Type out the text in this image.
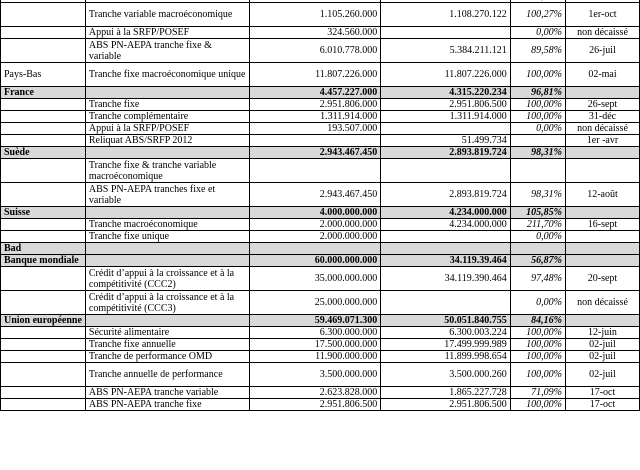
	Tranche variable macroéconomique	1.105.260.000	1.108.270.122	100,27%	1er-oct
	Appui à la SRFP/POSEF	324.560.000		0,00%	non décaissé
	ABS PN-AEPA tranche fixe & variable	6.010.778.000	5.384.211.121	89,58%	26-juil
Pays-Bas	Tranche fixe macroéconomique unique	11.807.226.000	11.807.226.000	100,00%	02-mai
France		4.457.227.000	4.315.220.234	96,81%	
	Tranche fixe	2.951.806.000	2.951.806.500	100,00%	26-sept
	Tranche complémentaire	1.311.914.000	1.311.914.000	100,00%	31-déc
	Appui à la SRFP/POSEF	193.507.000		0,00%	non décaissé
	Reliquat ABS/SRFP 2012		51.499.734		1er -avr
Suède		2.943.467.450	2.893.819.724	98,31%	
	Tranche fixe & tranche variable macroéconomique				
	ABS PN-AEPA tranches fixe et variable	2.943.467.450	2.893.819.724	98,31%	12-août
Suisse		4.000.000.000	4.234.000.000	105,85%	
	Tranche macroéconomique	2.000.000.000	4.234.000.000	211,70%	16-sept
	Tranche fixe unique	2.000.000.000		0,00%	
Bad					
Banque mondiale		60.000.000.000	34.119.39.464	56,87%	
	Crédit d’appui à la croissance et à la compétitivité (CCC2)	35.000.000.000	34.119.390.464	97,48%	20-sept
	Crédit d’appui à la croissance et à la compétitivité (CCC3)	25.000.000.000		0,00%	non décaissé
Union européenne		59.469.071.300	50.051.840.755	84,16%	
	Sécurité alimentaire	6.300.000.000	6.300.003.224	100,00%	12-juin
	Tranche fixe annuelle	17.500.000.000	17.499.999.989	100,00%	02-juil
	Tranche de performance OMD	11.900.000.000	11.899.998.654	100,00%	02-juil
	Tranche annuelle de performance	3.500.000.000	3.500.000.260	100,00%	02-juil
	ABS PN-AEPA tranche variable	2.623.828.000	1.865.227.728	71,09%	17-oct
	ABS PN-AEPA tranche fixe	2.951.806.500	2.951.806.500	100,00%	17-oct
